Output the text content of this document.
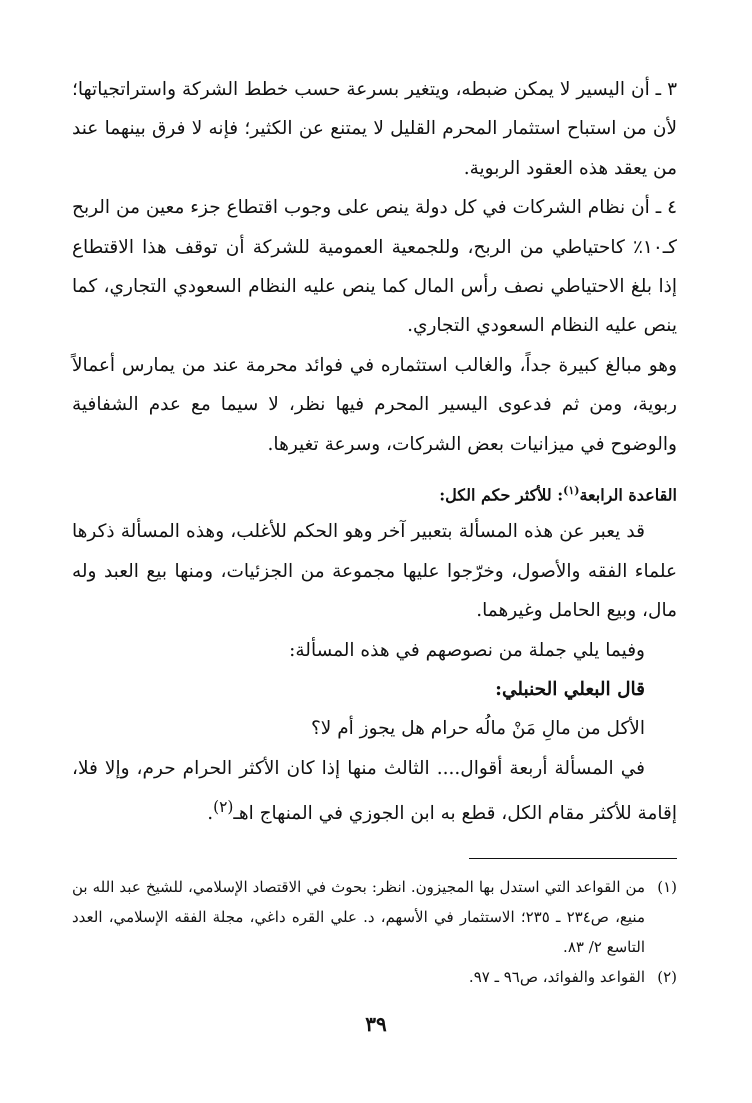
٣ ـ أن اليسير لا يمكن ضبطه، ويتغير بسرعة حسب خطط الشركة واستراتجياتها؛ لأن من استباح استثمار المحرم القليل لا يمتنع عن الكثير؛ فإنه لا فرق بينهما عند من يعقد هذه العقود الربوية.

٤ ـ أن نظام الشركات في كل دولة ينص على وجوب اقتطاع جزء معين من الربح كـ١٠٪ كاحتياطي من الربح، وللجمعية العمومية للشركة أن توقف هذا الاقتطاع إذا بلغ الاحتياطي نصف رأس المال كما ينص عليه النظام السعودي التجاري، كما ينص عليه النظام السعودي التجاري.

وهو مبالغ كبيرة جداً، والغالب استثماره في فوائد محرمة عند من يمارس أعمالاً ربوية، ومن ثم فدعوى اليسير المحرم فيها نظر، لا سيما مع عدم الشفافية والوضوح في ميزانيات بعض الشركات، وسرعة تغيرها.

القاعدة الرابعة$^{(١)}$: للأكثر حكم الكل:

قد يعبر عن هذه المسألة بتعبير آخر وهو الحكم للأغلب، وهذه المسألة ذكرها علماء الفقه والأصول، وخرّجوا عليها مجموعة من الجزئيات، ومنها بيع العبد وله مال، وبيع الحامل وغيرهما.

وفيما يلي جملة من نصوصهم في هذه المسألة:

قال البعلي الحنبلي:

الأكل من مالِ مَنْ مالُه حرام هل يجوز أم لا؟

في المسألة أربعة أقوال.... الثالث منها إذا كان الأكثر الحرام حرم، وإلا فلا، إقامة للأكثر مقام الكل، قطع به ابن الجوزي في المنهاج اهـ$^{(٢)}$.

(١)
من القواعد التي استدل بها المجيزون. انظر: بحوث في الاقتصاد الإسلامي، للشيخ عبد الله بن منيع، ص٢٣٤ ـ ٢٣٥؛ الاستثمار في الأسهم، د. علي القره داغي، مجلة الفقه الإسلامي، العدد التاسع ٢/ ٨٣.

(٢)
القواعد والفوائد، ص٩٦ ـ ٩٧.

٣٩
